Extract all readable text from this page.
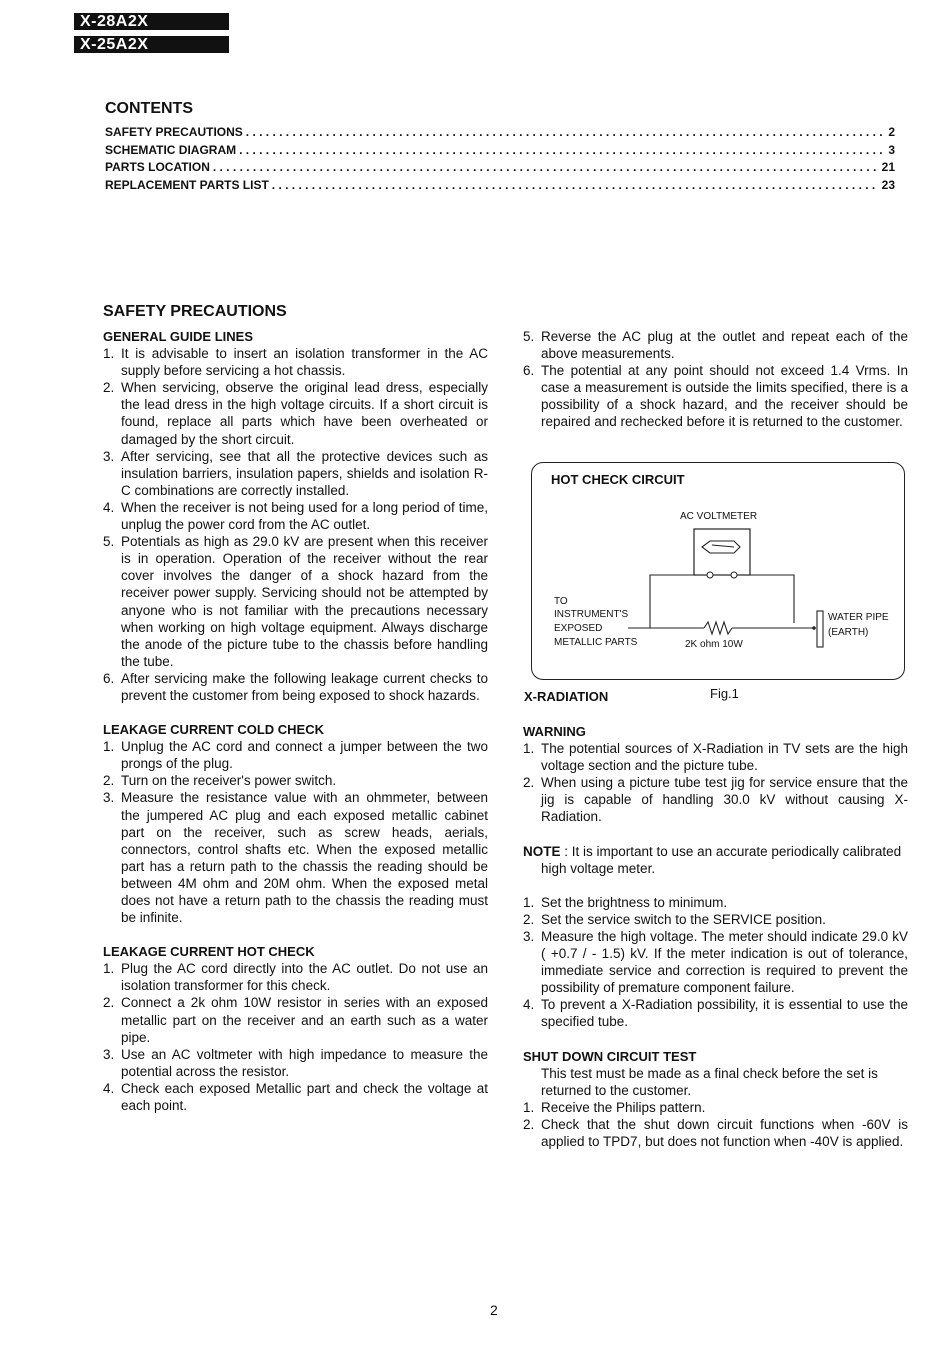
X-28A2X
X-25A2X
CONTENTS
SAFETY PRECAUTIONS . . .	2
SCHEMATIC DIAGRAM . . .	3
PARTS LOCATION . . .	21
REPLACEMENT PARTS LIST . . .	23
SAFETY PRECAUTIONS
GENERAL GUIDE LINES
1. It is advisable to insert an isolation transformer in the AC supply before servicing a hot chassis.
2. When servicing, observe the original lead dress, especially the lead dress in the high voltage circuits. If a short circuit is found, replace all parts which have been overheated or damaged by the short circuit.
3. After servicing, see that all the protective devices such as insulation barriers, insulation papers, shields and isolation R-C combinations are correctly installed.
4. When the receiver is not being used for a long period of time, unplug the power cord from the AC outlet.
5. Potentials as high as 29.0 kV are present when this receiver is in operation. Operation of the receiver without the rear cover involves the danger of a shock hazard from the receiver power supply. Servicing should not be attempted by anyone who is not familiar with the precautions necessary when working on high voltage equipment. Always discharge the anode of the picture tube to the chassis before handling the tube.
6. After servicing make the following leakage current checks to prevent the customer from being exposed to shock hazards.
LEAKAGE CURRENT COLD CHECK
1. Unplug the AC cord and connect a jumper between the two prongs of the plug.
2. Turn on the receiver's power switch.
3. Measure the resistance value with an ohmmeter, between the jumpered AC plug and each exposed metallic cabinet part on the receiver, such as screw heads, aerials, connectors, control shafts etc. When the exposed metallic part has a return path to the chassis the reading should be between 4M ohm and 20M ohm. When the exposed metal does not have a return path to the chassis the reading must be infinite.
LEAKAGE CURRENT HOT CHECK
1. Plug the AC cord directly into the AC outlet. Do not use an isolation transformer for this check.
2. Connect a 2k ohm 10W resistor in series with an exposed metallic part on the receiver and an earth such as a water pipe.
3. Use an AC voltmeter with high impedance to measure the potential across the resistor.
4. Check each exposed Metallic part and check the voltage at each point.
5. Reverse the AC plug at the outlet and repeat each of the above measurements.
6. The potential at any point should not exceed 1.4 Vrms. In case a measurement is outside the limits specified, there is a possibility of a shock hazard, and the receiver should be repaired and rechecked before it is returned to the customer.
HOT CHECK CIRCUIT
AC VOLTMETER
TO
INSTRUMENT'S
EXPOSED
METALLIC PARTS	2K ohm 10W
WATER PIPE
(EARTH)
X-RADIATION	Fig.1
WARNING
1. The potential sources of X-Radiation in TV sets are the high voltage section and the picture tube.
2. When using a picture tube test jig for service ensure that the jig is capable of handling 30.0 kV without causing X-Radiation.
NOTE : It is important to use an accurate periodically calibrated high voltage meter.
1. Set the brightness to minimum.
2. Set the service switch to the SERVICE position.
3. Measure the high voltage. The meter should indicate 29.0 kV ( +0.7 / - 1.5) kV. If the meter indication is out of tolerance, immediate service and correction is required to prevent the possibility of premature component failure.
4. To prevent a X-Radiation possibility, it is essential to use the specified tube.
SHUT DOWN CIRCUIT TEST
This test must be made as a final check before the set is returned to the customer.
1. Receive the Philips pattern.
2. Check that the shut down circuit functions when -60V is applied to TPD7, but does not function when -40V is applied.
2
